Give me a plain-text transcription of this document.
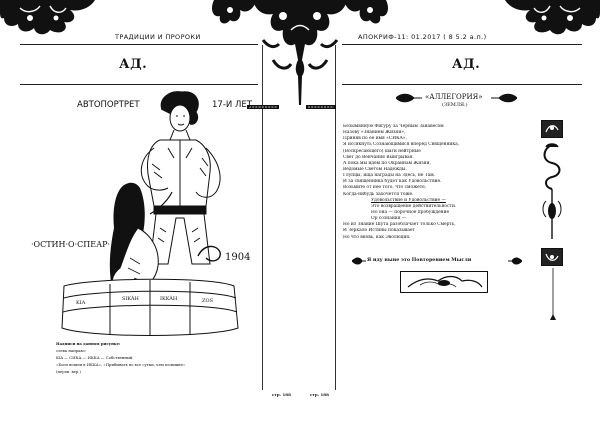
ТРАДИЦИИ И ПРОРОКИ	АПОКРИФ-11: 01.2017 ( 8 5.2 а.п.)
АД.	АД.
KIA
SIKÂH	IKKÂH	ZOS
1904
АВТОПОРТРЕТ	17-И ЛЕТ
·ОСТИН·О·СПЕАР·
Надписи на данном рисунке:
слева направо:
KIA — СИКА — ИККА — Собственный
«Боги вошли в ИККА», «Прибывать во все сутки, чем излишне»
(перев. вер.)
стр. 188	стр. 188
«АЛЛЕГОРИЯ»
(ЗЕМЛЯ.)
Безымянную Фигуру за Чёрным Занавесом
Назову «Знанием Жизни»,
Приняв по её имя «СИКА»,
Я иссякнуть Сознающимися вперед Священника,
(Воскресающего) шаги нейтрные
Свет до Венчания Выигрывая.
А пока мы идём по Окраинам Жизни,
Ведомые Светом Надежды.
Глупцы, ища награды на Здесь, не Там.
И за священника будет как Удовольствие.
Возьмите от неё того, что сможете,
Когда-нибудь захочется тоже.
Удовольствие и Удовольствие —
Это возвращение действительности.
Но она — порочное пробуждение
Ор сознания —
Но из Знание Шута разоблачает только Смерть,
И Зеркало Истины показывает
Но что вновь, как Эволюция.
Я иду ныне это Повторением Мысли
